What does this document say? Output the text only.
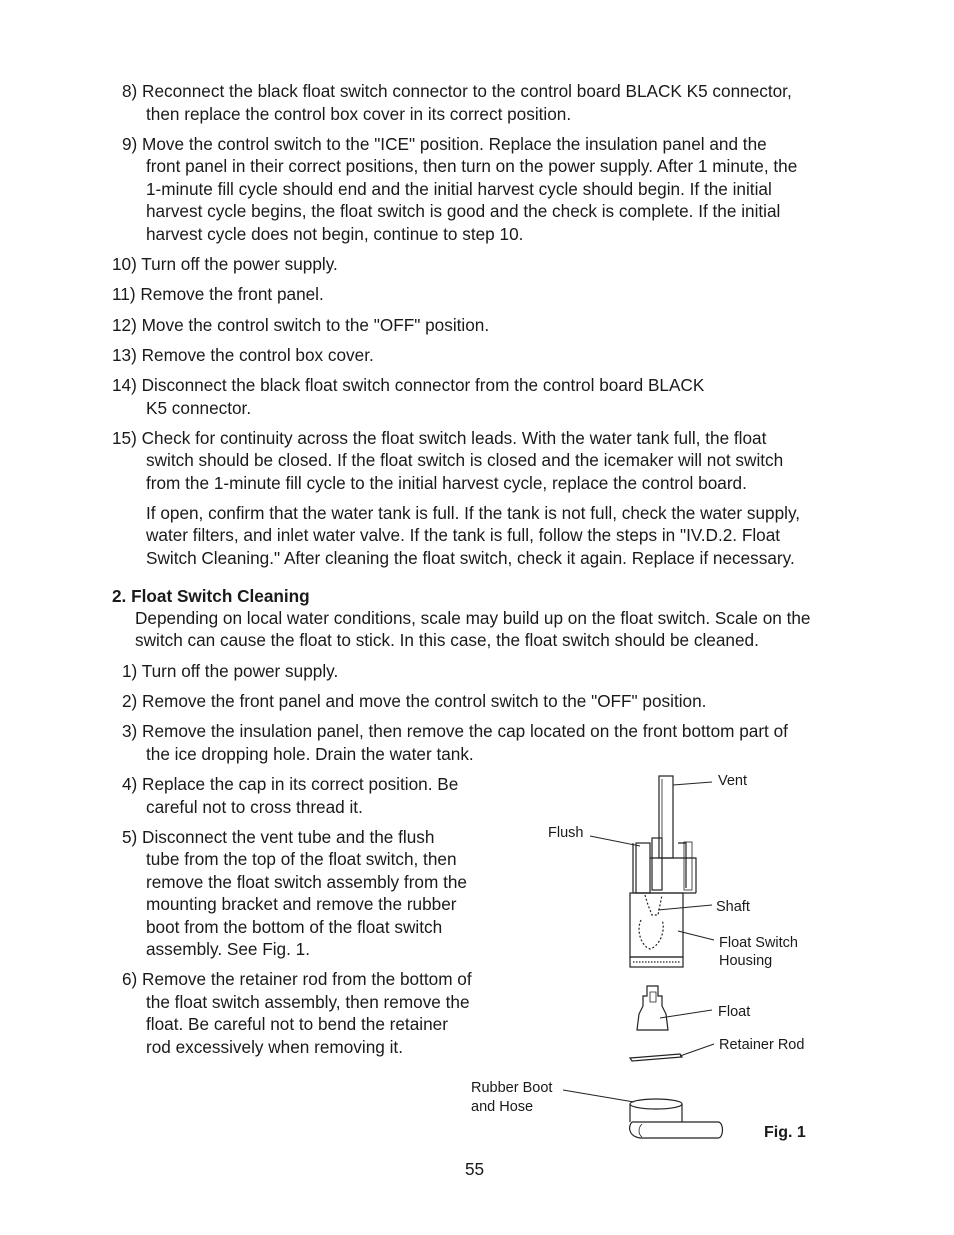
8) Reconnect the black float switch connector to the control board BLACK K5 connector,
then replace the control box cover in its correct position.
9) Move the control switch to the "ICE" position. Replace the insulation panel and the
front panel in their correct positions, then turn on the power supply. After 1 minute, the
1-minute fill cycle should end and the initial harvest cycle should begin. If the initial
harvest cycle begins, the float switch is good and the check is complete. If the initial
harvest cycle does not begin, continue to step 10.
10) Turn off the power supply.
11) Remove the front panel.
12) Move the control switch to the "OFF" position.
13) Remove the control box cover.
14) Disconnect the black float switch connector from the control board BLACK
K5 connector.
15) Check for continuity across the float switch leads. With the water tank full, the float
switch should be closed. If the float switch is closed and the icemaker will not switch
from the 1-minute fill cycle to the initial harvest cycle, replace the control board.
If open, confirm that the water tank is full. If the tank is not full, check the water supply,
water filters, and inlet water valve. If the tank is full, follow the steps in "IV.D.2. Float
Switch Cleaning." After cleaning the float switch, check it again. Replace if necessary.
2. Float Switch Cleaning
Depending on local water conditions, scale may build up on the float switch. Scale on the
switch can cause the float to stick. In this case, the float switch should be cleaned.
1) Turn off the power supply.
2) Remove the front panel and move the control switch to the "OFF" position.
3) Remove the insulation panel, then remove the cap located on the front bottom part of
the ice dropping hole. Drain the water tank.
4) Replace the cap in its correct position. Be
careful not to cross thread it.
5) Disconnect the vent tube and the flush
tube from the top of the float switch, then
remove the float switch assembly from the
mounting bracket and remove the rubber
boot from the bottom of the float switch
assembly. See Fig. 1.
6) Remove the retainer rod from the bottom of
the float switch assembly, then remove the
float. Be careful not to bend the retainer
rod excessively when removing it.
Vent
Flush
Shaft
Float Switch
Housing
Float
Retainer Rod
Rubber Boot
and Hose
Fig. 1
55
